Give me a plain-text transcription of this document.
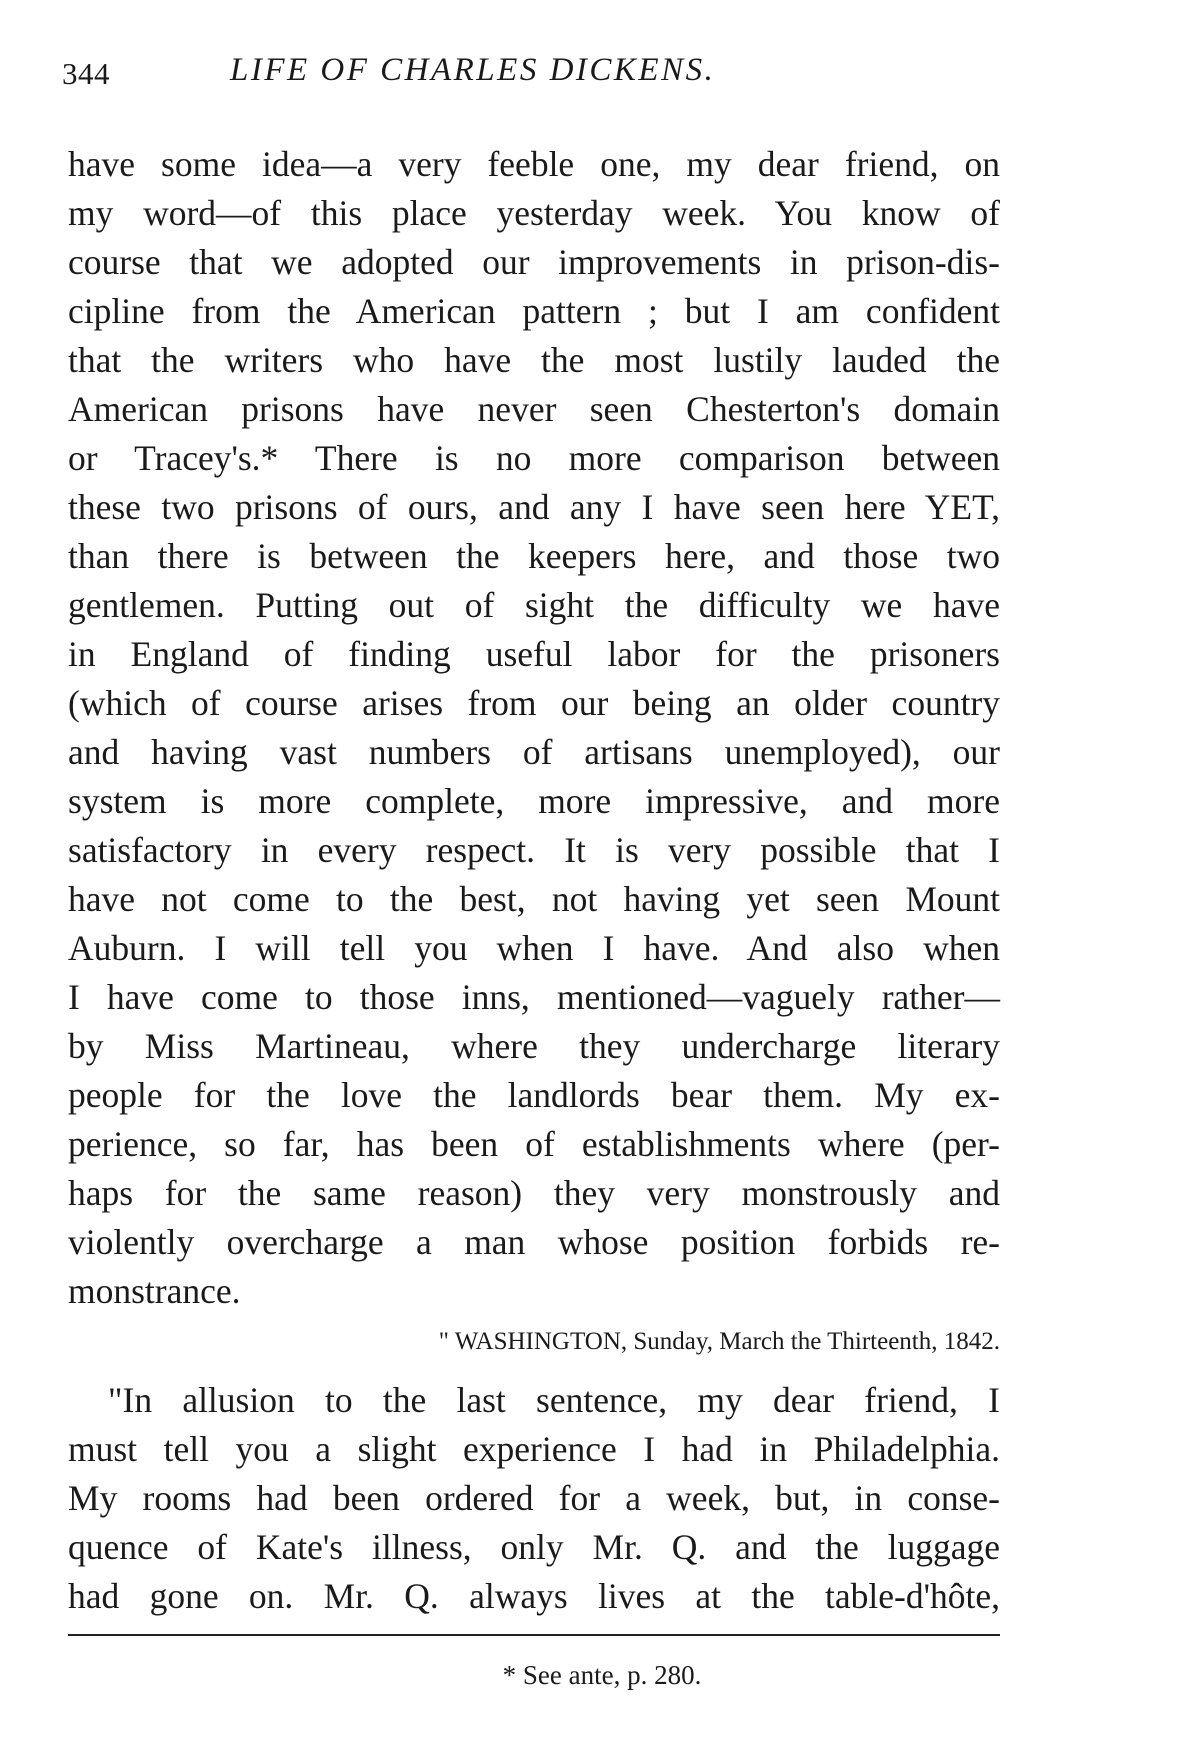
344	LIFE OF CHARLES DICKENS.
have some idea—a very feeble one, my dear friend, on
my word—of this place yesterday week. You know of
course that we adopted our improvements in prison-dis-
cipline from the American pattern ; but I am confident
that the writers who have the most lustily lauded the
American prisons have never seen Chesterton's domain
or Tracey's.* There is no more comparison between
these two prisons of ours, and any I have seen here YET,
than there is between the keepers here, and those two
gentlemen. Putting out of sight the difficulty we have
in England of finding useful labor for the prisoners
(which of course arises from our being an older country
and having vast numbers of artisans unemployed), our
system is more complete, more impressive, and more
satisfactory in every respect. It is very possible that I
have not come to the best, not having yet seen Mount
Auburn. I will tell you when I have. And also when
I have come to those inns, mentioned—vaguely rather—
by Miss Martineau, where they undercharge literary
people for the love the landlords bear them. My ex-
perience, so far, has been of establishments where (per-
haps for the same reason) they very monstrously and
violently overcharge a man whose position forbids re-
monstrance.
" WASHINGTON, Sunday, March the Thirteenth, 1842.
"In allusion to the last sentence, my dear friend, I
must tell you a slight experience I had in Philadelphia.
My rooms had been ordered for a week, but, in conse-
quence of Kate's illness, only Mr. Q. and the luggage
had gone on. Mr. Q. always lives at the table-d'hôte,
* See ante, p. 280.
